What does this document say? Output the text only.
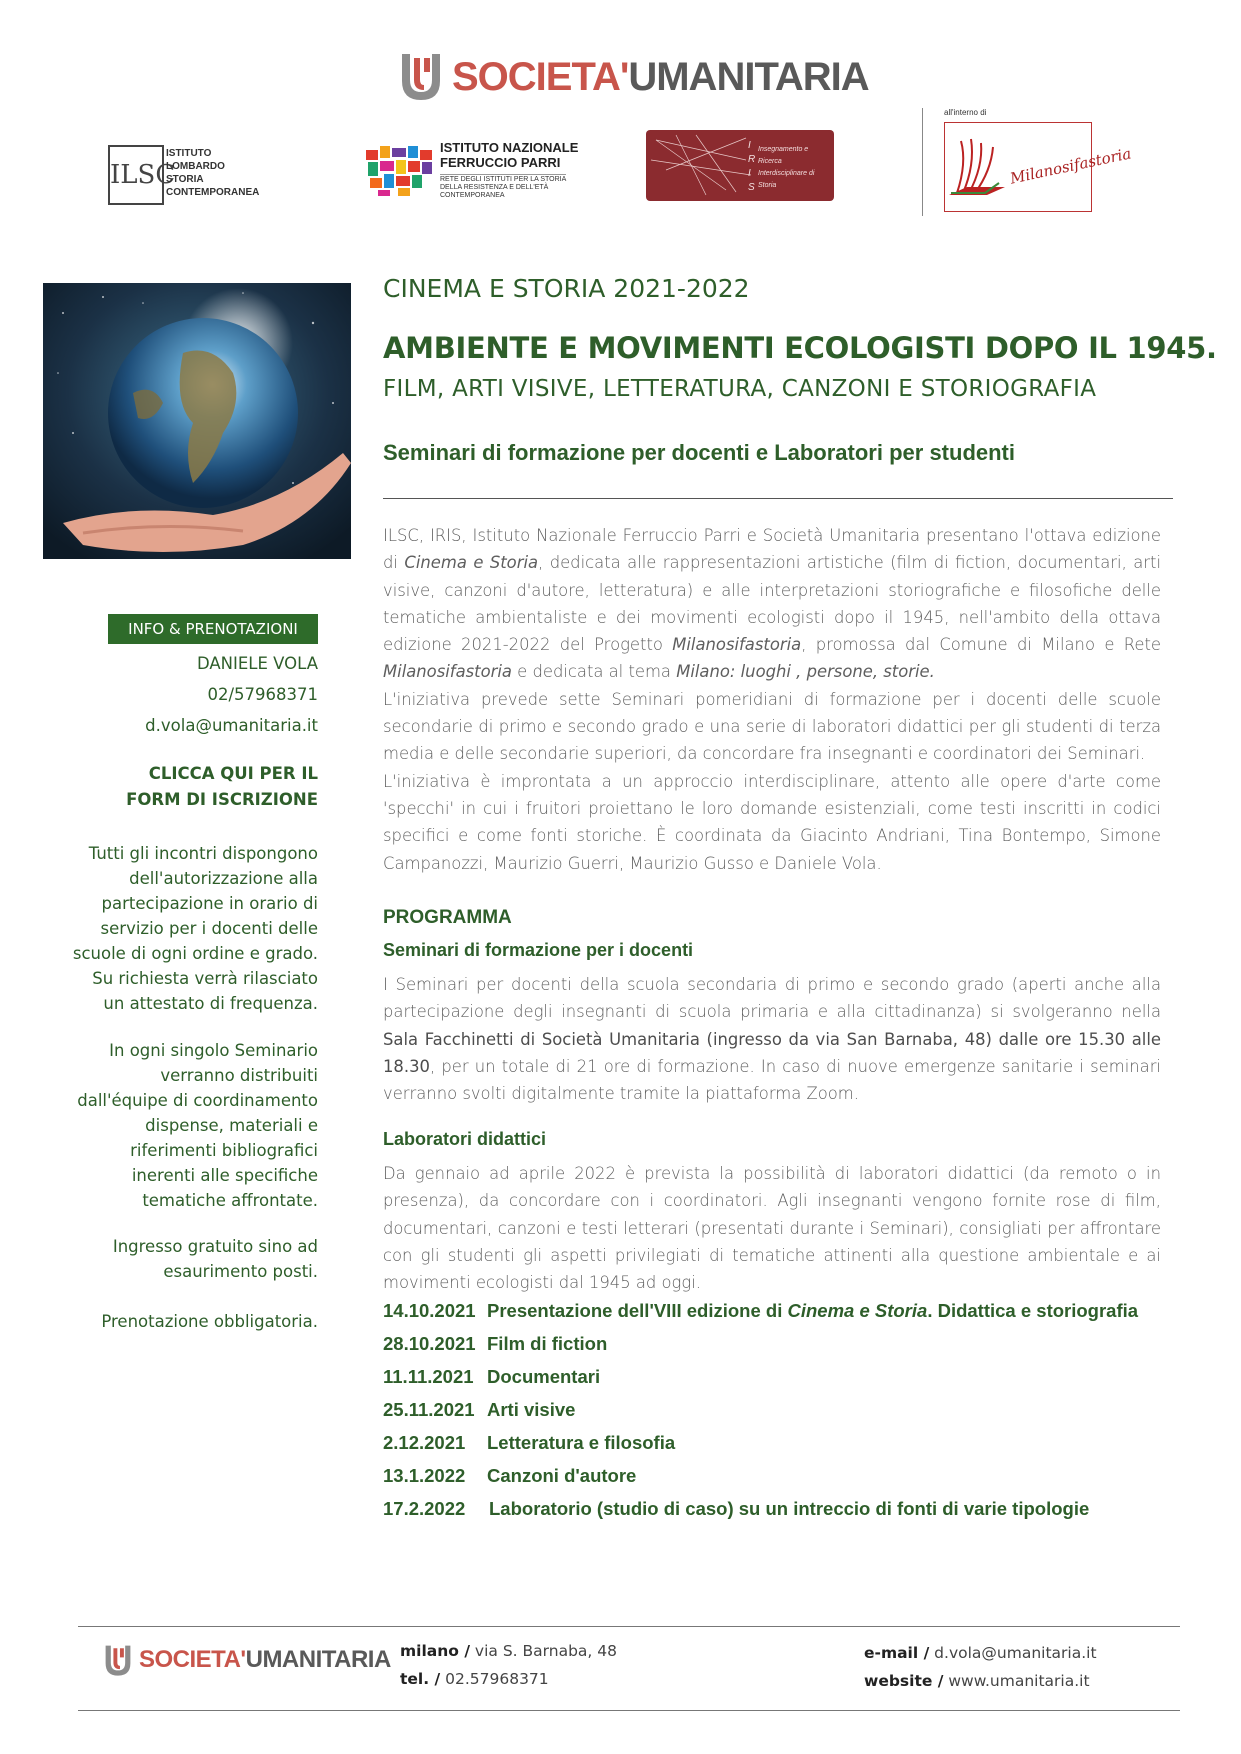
SOCIETA'UMANITARIA
ILSC
ISTITUTO
LOMBARDO
STORIA
CONTEMPORANEA
ISTITUTO NAZIONALE
FERRUCCIO PARRI
RETE DEGLI ISTITUTI PER LA STORIA
DELLA RESISTENZA E DELL'ETÀ
CONTEMPORANEA
I
R
I
S
Insegnamento e
Ricerca
Interdisciplinare di
Storia
all'interno di
Milanosifastoria
CINEMA E STORIA 2021-2022
AMBIENTE E MOVIMENTI ECOLOGISTI DOPO IL 1945.
FILM, ARTI VISIVE, LETTERATURA, CANZONI E STORIOGRAFIA
Seminari di formazione per docenti e Laboratori per studenti
ILSC, IRIS, Istituto Nazionale Ferruccio Parri e Società Umanitaria presentano l'ottava edizione di Cinema e Storia, dedicata alle rappresentazioni artistiche (film di fiction, documentari, arti visive, canzoni d'autore, letteratura) e alle interpretazioni storiografiche e filosofiche delle tematiche ambientaliste e dei movimenti ecologisti dopo il 1945, nell'ambito della ottava edizione 2021-2022 del Progetto Milanosifastoria, promossa dal Comune di Milano e Rete Milanosifastoria e dedicata al tema Milano: luoghi , persone, storie.
L'iniziativa prevede sette Seminari pomeridiani di formazione per i docenti delle scuole secondarie di primo e secondo grado e una serie di laboratori didattici per gli studenti di terza media e delle secondarie superiori, da concordare fra insegnanti e coordinatori dei Seminari.
L'iniziativa è improntata a un approccio interdisciplinare, attento alle opere d'arte come 'specchi' in cui i fruitori proiettano le loro domande esistenziali, come testi inscritti in codici specifici e come fonti storiche. È coordinata da Giacinto Andriani, Tina Bontempo, Simone Campanozzi, Maurizio Guerri, Maurizio Gusso e Daniele Vola.
PROGRAMMA
Seminari di formazione per i docenti
I Seminari per docenti della scuola secondaria di primo e secondo grado (aperti anche alla partecipazione degli insegnanti di scuola primaria e alla cittadinanza) si svolgeranno nella Sala Facchinetti di Società Umanitaria (ingresso da via San Barnaba, 48) dalle ore 15.30 alle 18.30, per un totale di 21 ore di formazione. In caso di nuove emergenze sanitarie i seminari verranno svolti digitalmente tramite la piattaforma Zoom.
Laboratori didattici
Da gennaio ad aprile 2022 è prevista la possibilità di laboratori didattici (da remoto o in presenza), da concordare con i coordinatori. Agli insegnanti vengono fornite rose di film, documentari, canzoni e testi letterari (presentati durante i Seminari), consigliati per affrontare con gli studenti gli aspetti privilegiati di tematiche attinenti alla questione ambientale e ai movimenti ecologisti dal 1945 ad oggi.
14.10.2021 Presentazione dell'VIII edizione di Cinema e Storia. Didattica e storiografia
28.10.2021 Film di fiction
11.11.2021 Documentari
25.11.2021 Arti visive
2.12.2021 Letteratura e filosofia
13.1.2022 Canzoni d'autore
17.2.2022 Laboratorio (studio di caso) su un intreccio di fonti di varie tipologie
INFO & PRENOTAZIONI
DANIELE VOLA
02/57968371
d.vola@umanitaria.it
CLICCA QUI PER IL
FORM DI ISCRIZIONE
Tutti gli incontri dispongono
dell'autorizzazione alla
partecipazione in orario di
servizio per i docenti delle
scuole di ogni ordine e grado.
Su richiesta verrà rilasciato
un attestato di frequenza.
In ogni singolo Seminario
verranno distribuiti
dall'équipe di coordinamento
dispense, materiali e
riferimenti bibliografici
inerenti alle specifiche
tematiche affrontate.
Ingresso gratuito sino ad
esaurimento posti.
Prenotazione obbligatoria.
SOCIETA'UMANITARIA milano / via S. Barnaba, 48
tel. / 02.57968371
e-mail / d.vola@umanitaria.it
website / www.umanitaria.it
